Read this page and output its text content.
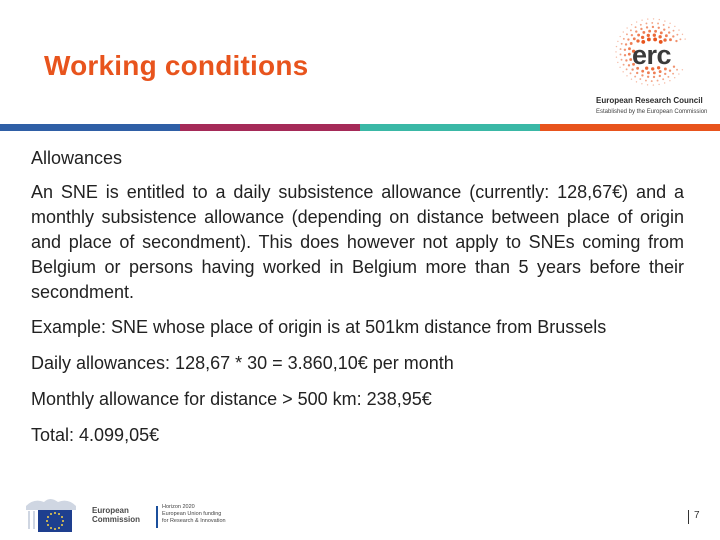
Working conditions	erc
European Research Council
Established by the European Commission
Allowances
An SNE is entitled to a daily subsistence allowance (currently: 128,67€) and a monthly subsistence allowance (depending on distance between place of origin and place of secondment). This does however not apply to SNEs coming from Belgium or persons having worked in Belgium more than 5 years before their secondment.
Example: SNE whose place of origin is at 501km distance from Brussels
Daily allowances: 128,67 * 30 = 3.860,10€ per month
Monthly allowance for distance > 500 km: 238,95€
Total: 4.099,05€
European
Commission
Horizon 2020
European Union funding
for Research & Innovation	7
